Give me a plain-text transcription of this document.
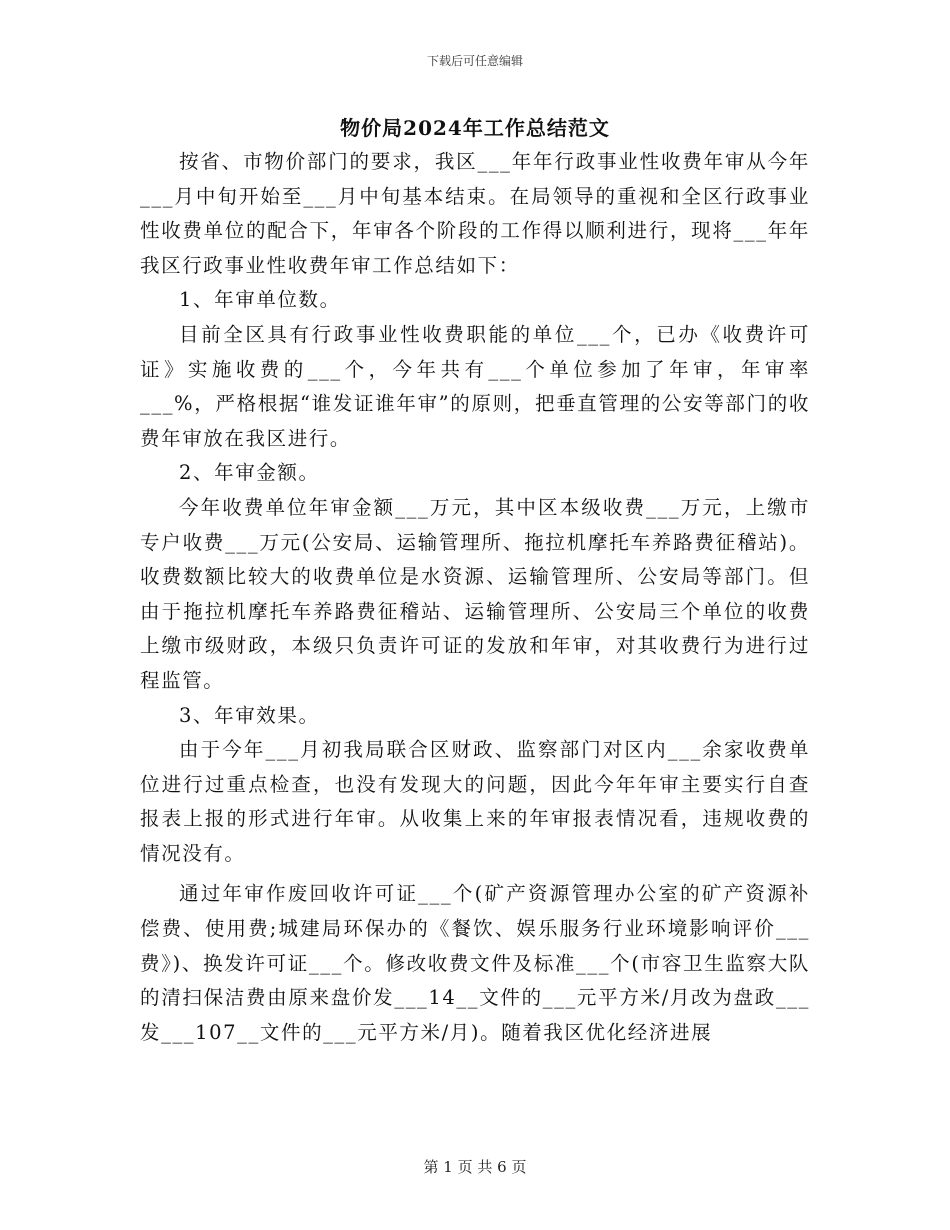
下载后可任意编辑
物价局2024年工作总结范文

按省、市物价部门的要求，我区___年年行政事业性收费年审从今年___月中旬开始至___月中旬基本结束。在局领导的重视和全区行政事业性收费单位的配合下，年审各个阶段的工作得以顺利进行，现将___年年我区行政事业性收费年审工作总结如下：

1、年审单位数。

目前全区具有行政事业性收费职能的单位___个，已办《收费许可证》实施收费的___个，今年共有___个单位参加了年审，年审率___%，严格根据“谁发证谁年审”的原则，把垂直管理的公安等部门的收费年审放在我区进行。

2、年审金额。

今年收费单位年审金额___万元，其中区本级收费___万元，上缴市专户收费___万元(公安局、运输管理所、拖拉机摩托车养路费征稽站)。收费数额比较大的收费单位是水资源、运输管理所、公安局等部门。但由于拖拉机摩托车养路费征稽站、运输管理所、公安局三个单位的收费上缴市级财政，本级只负责许可证的发放和年审，对其收费行为进行过程监管。

3、年审效果。

由于今年___月初我局联合区财政、监察部门对区内___余家收费单位进行过重点检查，也没有发现大的问题，因此今年年审主要实行自查报表上报的形式进行年审。从收集上来的年审报表情况看，违规收费的情况没有。

通过年审作废回收许可证___个(矿产资源管理办公室的矿产资源补偿费、使用费;城建局环保办的《餐饮、娱乐服务行业环境影响评价___费》)、换发许可证___个。修改收费文件及标准___个(市容卫生监察大队的清扫保洁费由原来盘价发___14__文件的___元平方米/月改为盘政___发___107__文件的___元平方米/月)。随着我区优化经济进展

第 1 页 共 6 页
